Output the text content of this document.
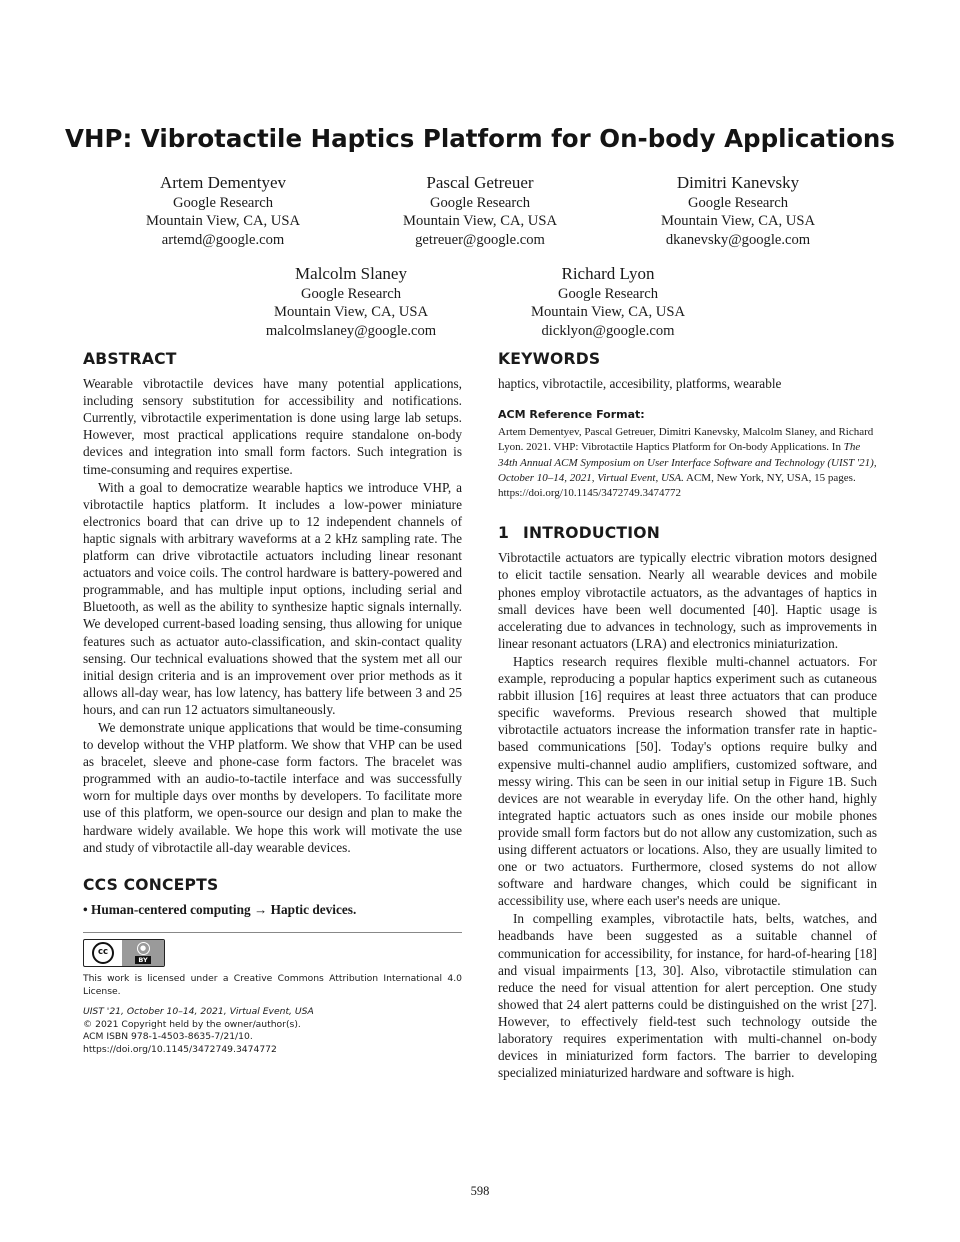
VHP: Vibrotactile Haptics Platform for On-body Applications
Artem Dementyev
Google Research
Mountain View, CA, USA
artemd@google.com
Pascal Getreuer
Google Research
Mountain View, CA, USA
getreuer@google.com
Dimitri Kanevsky
Google Research
Mountain View, CA, USA
dkanevsky@google.com
Malcolm Slaney
Google Research
Mountain View, CA, USA
malcolmslaney@google.com
Richard Lyon
Google Research
Mountain View, CA, USA
dicklyon@google.com
ABSTRACT

Wearable vibrotactile devices have many potential applications, including sensory substitution for accessibility and notifications. Currently, vibrotactile experimentation is done using large lab setups. However, most practical applications require standalone on-body devices and integration into small form factors. Such integration is time-consuming and requires expertise.

With a goal to democratize wearable haptics we introduce VHP, a vibrotactile haptics platform. It includes a low-power miniature electronics board that can drive up to 12 independent channels of haptic signals with arbitrary waveforms at a 2 kHz sampling rate. The platform can drive vibrotactile actuators including linear resonant actuators and voice coils. The control hardware is battery-powered and programmable, and has multiple input options, including serial and Bluetooth, as well as the ability to synthesize haptic signals internally. We developed current-based loading sensing, thus allowing for unique features such as actuator auto-classification, and skin-contact quality sensing. Our technical evaluations showed that the system met all our initial design criteria and is an improvement over prior methods as it allows all-day wear, has low latency, has battery life between 3 and 25 hours, and can run 12 actuators simultaneously.

We demonstrate unique applications that would be time-consuming to develop without the VHP platform. We show that VHP can be used as bracelet, sleeve and phone-case form factors. The bracelet was programmed with an audio-to-tactile interface and was successfully worn for multiple days over months by developers. To facilitate more use of this platform, we open-source our design and plan to make the hardware widely available. We hope this work will motivate the use and study of vibrotactile all-day wearable devices.

CCS CONCEPTS

• Human-centered computing → Haptic devices.

cc	●
BY
This work is licensed under a Creative Commons Attribution International 4.0 License.
UIST '21, October 10–14, 2021, Virtual Event, USA
© 2021 Copyright held by the owner/author(s).
ACM ISBN 978-1-4503-8635-7/21/10.
https://doi.org/10.1145/3472749.3474772
KEYWORDS

haptics, vibrotactile, accesibility, platforms, wearable

ACM Reference Format:
Artem Dementyev, Pascal Getreuer, Dimitri Kanevsky, Malcolm Slaney, and Richard Lyon. 2021. VHP: Vibrotactile Haptics Platform for On-body Applications. In The 34th Annual ACM Symposium on User Interface Software and Technology (UIST '21), October 10–14, 2021, Virtual Event, USA. ACM, New York, NY, USA, 15 pages. https://doi.org/10.1145/3472749.3474772
1 INTRODUCTION

Vibrotactile actuators are typically electric vibration motors designed to elicit tactile sensation. Nearly all wearable devices and mobile phones employ vibrotactile actuators, as the advantages of haptics in small devices have been well documented [40]. Haptic usage is accelerating due to advances in technology, such as improvements in linear resonant actuators (LRA) and electronics miniaturization.

Haptics research requires flexible multi-channel actuators. For example, reproducing a popular haptics experiment such as cutaneous rabbit illusion [16] requires at least three actuators that can produce specific waveforms. Previous research showed that multiple vibrotactile actuators increase the information transfer rate in haptic-based communications [50]. Today's options require bulky and expensive multi-channel audio amplifiers, customized software, and messy wiring. This can be seen in our initial setup in Figure 1B. Such devices are not wearable in everyday life. On the other hand, highly integrated haptic actuators such as ones inside our mobile phones provide small form factors but do not allow any customization, such as using different actuators or locations. Also, they are usually limited to one or two actuators. Furthermore, closed systems do not allow software and hardware changes, which could be significant in accessibility use, where each user's needs are unique.

In compelling examples, vibrotactile hats, belts, watches, and headbands have been suggested as a suitable channel of communication for accessibility, for instance, for hard-of-hearing [18] and visual impairments [13, 30]. Also, vibrotactile stimulation can reduce the need for visual attention for alert perception. One study showed that 24 alert patterns could be distinguished on the wrist [27]. However, to effectively field-test such technology outside the laboratory requires experimentation with multi-channel on-body devices in miniaturized form factors. The barrier to developing specialized miniaturized hardware and software is high.

598
